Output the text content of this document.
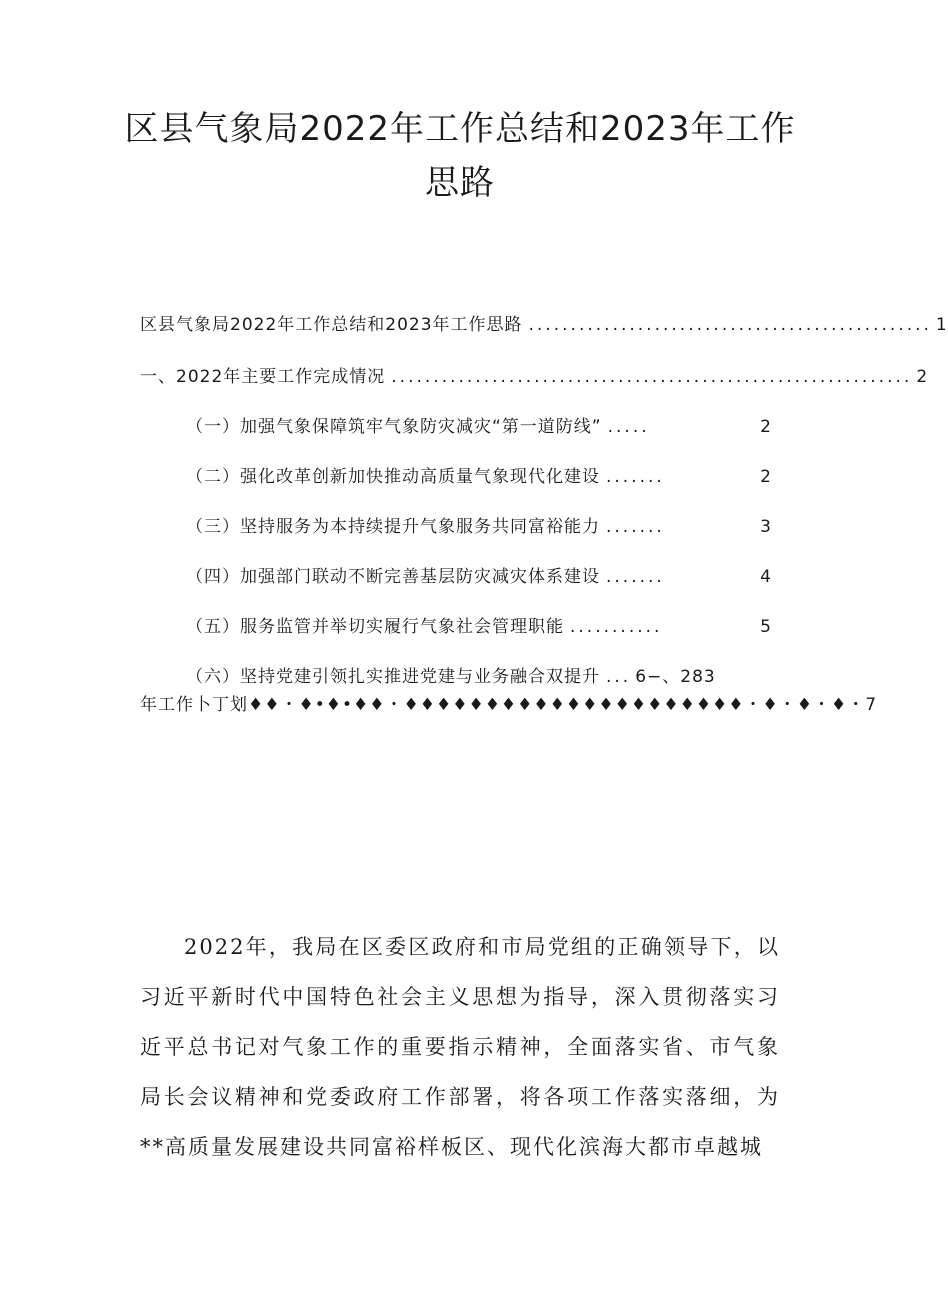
区县气象局2022年工作总结和2023年工作思路
区县气象局2022年工作总结和2023年工作思路 ................................................ 1
一、2022年主要工作完成情况 .............................................................. 2
（一）加强气象保障筑牢气象防灾减灾“第一道防线” .....	2
（二）强化改革创新加快推动高质量气象现代化建设 .......	2
（三）坚持服务为本持续提升气象服务共同富裕能力 .......	3
（四）加强部门联动不断完善基层防灾减灾体系建设 .......	4
（五）服务监管并举切实履行气象社会管理职能 ...........	5
（六）坚持党建引领扎实推进党建与业务融合双提升 ... 6−、283
年工作卜丁划♦♦・♦•♦•♦♦・♦♦♦♦♦♦♦♦♦♦♦♦♦♦♦♦♦♦♦♦♦・♦・♦・♦・7

2022年，我局在区委区政府和市局党组的正确领导下，以习近平新时代中国特色社会主义思想为指导，深入贯彻落实习近平总书记对气象工作的重要指示精神，全面落实省、市气象局长会议精神和党委政府工作部署，将各项工作落实落细，为**高质量发展建设共同富裕样板区、现代化滨海大都市卓越城
